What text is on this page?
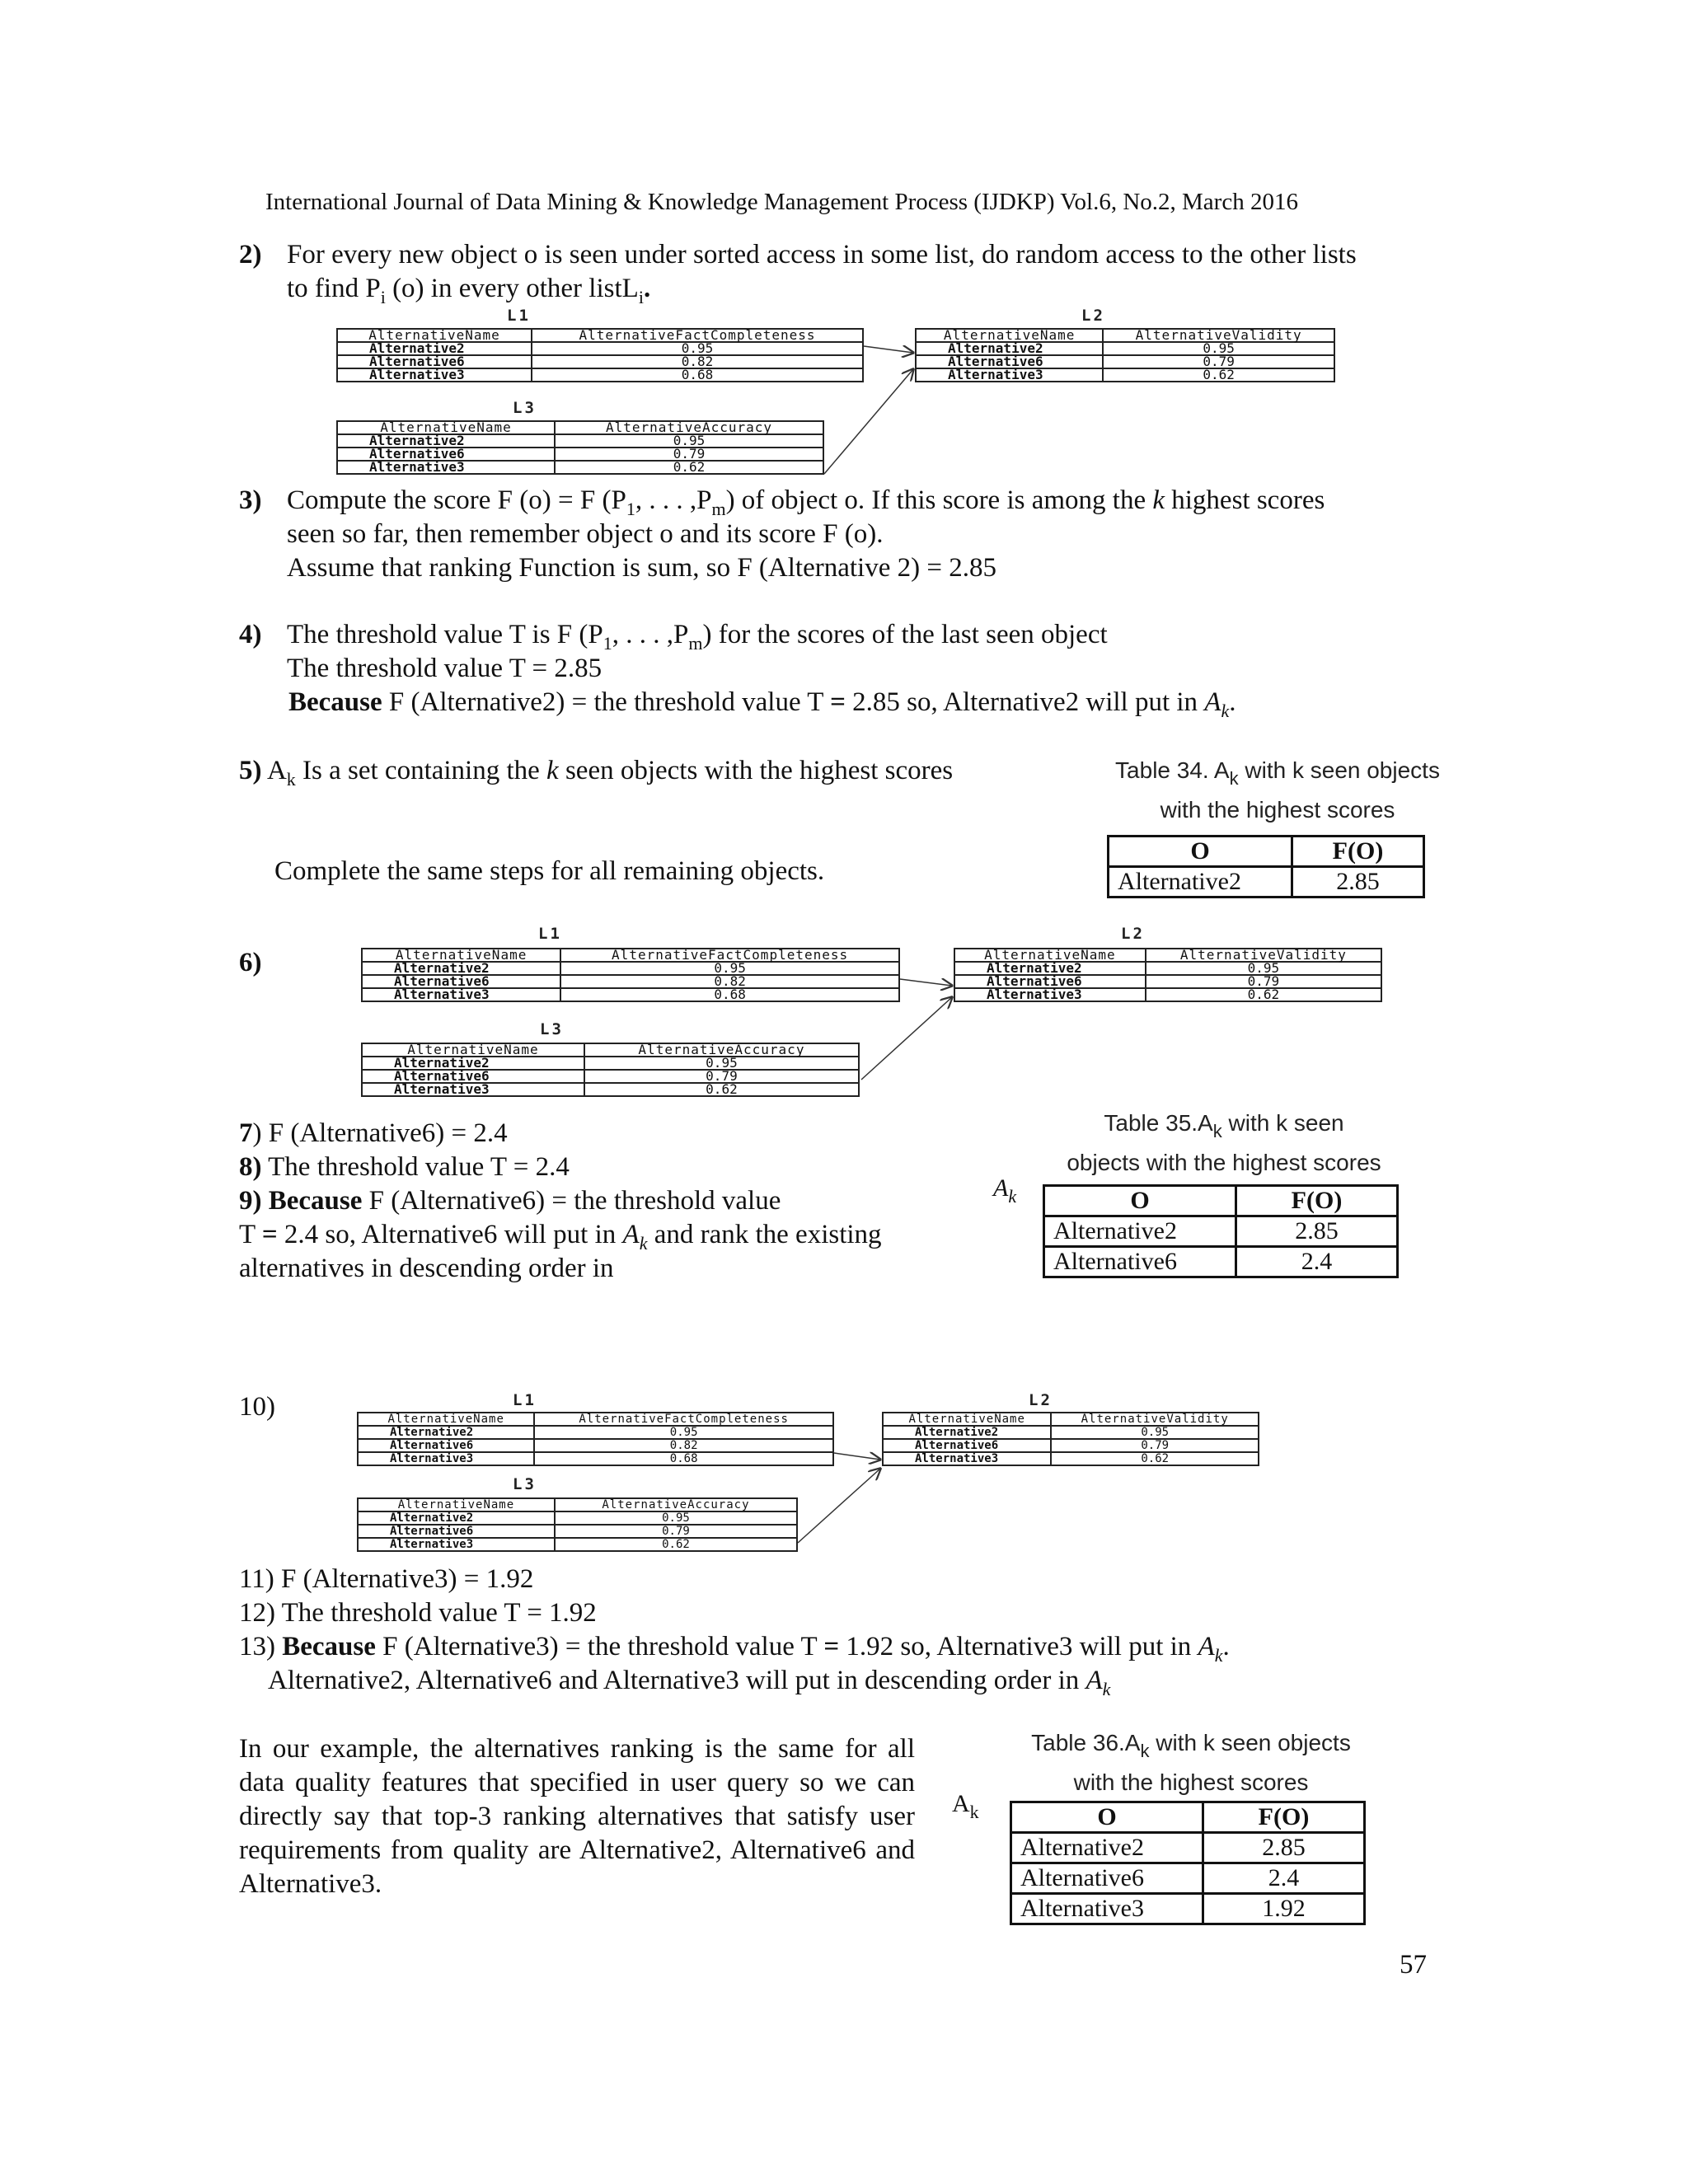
International Journal of Data Mining & Knowledge Management Process (IJDKP) Vol.6, No.2, March 2016
2) For every new object o is seen under sorted access in some list, do random access to the other lists
to find $P_i$ (o) in every other listL$_i$.
L1	L2
L3
AlternativeName	AlternativeFactCompleteness
Alternative2	0.95
Alternative6	0.82
Alternative3	0.68
AlternativeName	AlternativeValidity
Alternative2	0.95
Alternative6	0.79
Alternative3	0.62
AlternativeName	AlternativeAccuracy
Alternative2	0.95
Alternative6	0.79
Alternative3	0.62
3) Compute the score F (o) = F ($P_1$, . . . $,P_m$) of object o. If this score is among the k highest scores
seen so far, then remember object o and its score F (o).
Assume that ranking Function is sum, so F (Alternative 2) = 2.85
4) The threshold value T is F ($P_1$, . . . $,P_m$) for the scores of the last seen object
The threshold value T = 2.85
Because F (Alternative2) = the threshold value T = 2.85 so, Alternative2 will put in $A_k$.
5) $A_k$ Is a set containing the k seen objects with the highest scores
Complete the same steps for all remaining objects.
Table 34. $A_k$ with k seen objects
with the highest scores
O	F(O)
Alternative2	2.85
6)
L1	L2
L3
AlternativeName	AlternativeFactCompleteness
Alternative2	0.95
Alternative6	0.82
Alternative3	0.68
AlternativeName	AlternativeValidity
Alternative2	0.95
Alternative6	0.79
Alternative3	0.62
AlternativeName	AlternativeAccuracy
Alternative2	0.95
Alternative6	0.79
Alternative3	0.62
7) F (Alternative6) = 2.4
8) The threshold value T = 2.4
9) Because F (Alternative6) = the threshold value
T = 2.4 so, Alternative6 will put in $A_k$ and rank the existing
alternatives in descending order in
Table $35.A_k$ with k seen
objects with the highest scores
$A_k$	O	F(O)
Alternative2	2.85
Alternative6	2.4
10)	L1	L2
L3
AlternativeName	AlternativeFactCompleteness
Alternative2	0.95
Alternative6	0.82
Alternative3	0.68
AlternativeName	AlternativeValidity
Alternative2	0.95
Alternative6	0.79
Alternative3	0.62
AlternativeName	AlternativeAccuracy
Alternative2	0.95
Alternative6	0.79
Alternative3	0.62
11) F (Alternative3) = 1.92
12) The threshold value T = 1.92
13) Because F (Alternative3) = the threshold value T = 1.92 so, Alternative3 will put in $A_k$.
Alternative2, Alternative6 and Alternative3 will put in descending order in $A_k$
In our example, the alternatives ranking is the same for all data quality features that specified in user query so we can directly say that top-3 ranking alternatives that satisfy user requirements from quality are Alternative2, Alternative6 and Alternative3.
Table $36.A_k$ with k seen objects
with the highest scores
$A_k$	O	F(O)
Alternative2	2.85
Alternative6	2.4
Alternative3	1.92
57
